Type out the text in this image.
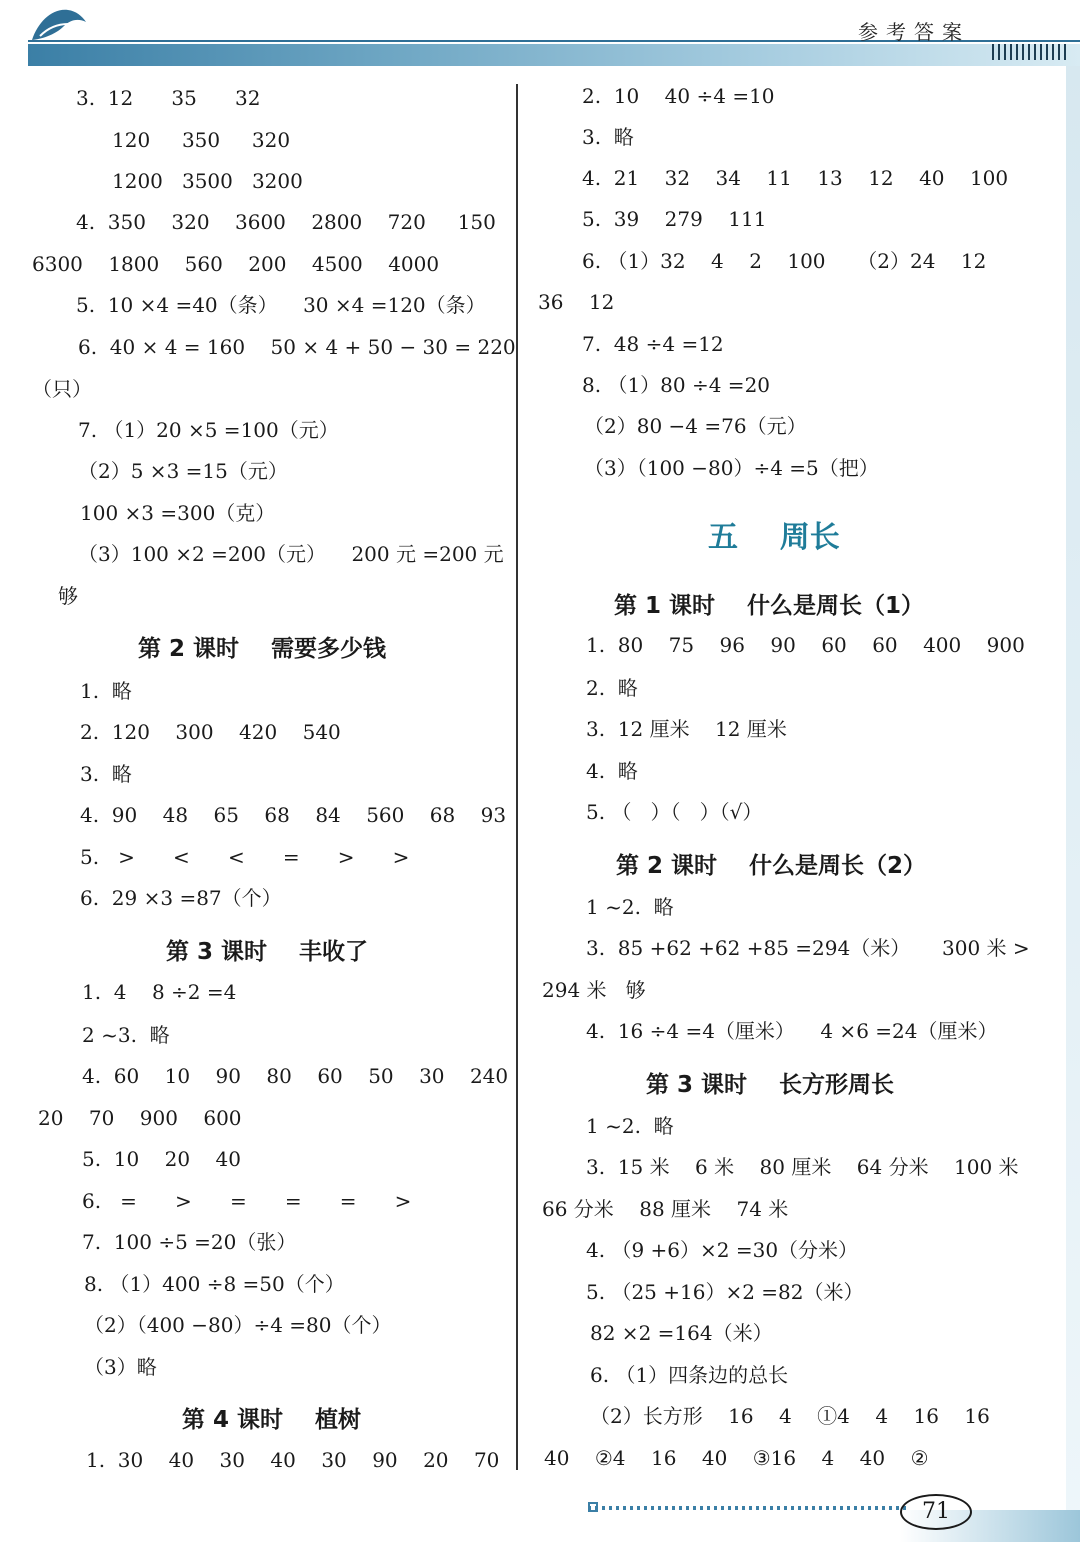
参考答案
3.  12      35      32
120     350     320
1200   3500   3200
4.  350    320    3600    2800    720     150
6300    1800    560    200    4500    4000
5.  10 ×4 =40（条）    30 ×4 =120（条）
6.  40 × 4 = 160    50 × 4 + 50 − 30 = 220
（只）
7. （1）20 ×5 =100（元）
（2）5 ×3 =15（元）
100 ×3 =300（克）
（3）100 ×2 =200（元）    200 元 =200 元
够
第 2 课时    需要多少钱
1.  略
2.  120    300    420    540
3.  略
4.  90    48    65    68    84    560    68    93
5.   >      <      <      =      >      >
6.  29 ×3 =87（个）
第 3 课时    丰收了
1.  4    8 ÷2 =4
2 ~3.  略
4.  60    10    90    80    60    50    30    240
20    70    900    600
5.  10    20    40
6.   =      >      =      =      =      >
7.  100 ÷5 =20（张）
8. （1）400 ÷8 =50（个）
（2）（400 −80）÷4 =80（个）
（3）略
第 4 课时    植树
1.  30    40    30    40    30    90    20    70
2.  10    40 ÷4 =10
3.  略
4.  21    32    34    11    13    12    40    100
5.  39    279    111
6. （1）32    4    2    100     （2）24    12
36    12
7.  48 ÷4 =12
8. （1）80 ÷4 =20
（2）80 −4 =76（元）
（3）（100 −80）÷4 =5（把）
五    周长
第 1 课时    什么是周长（1）
1.  80    75    96    90    60    60    400    900
2.  略
3.  12 厘米    12 厘米
4.  略
5. （   ）（   ）（√）
第 2 课时    什么是周长（2）
1 ~2.  略
3.  85 +62 +62 +85 =294（米）     300 米 >
294 米   够
4.  16 ÷4 =4（厘米）    4 ×6 =24（厘米）
第 3 课时    长方形周长
1 ~2.  略
3.  15 米    6 米    80 厘米    64 分米    100 米
66 分米    88 厘米    74 米
4. （9 +6）×2 =30（分米）
5. （25 +16）×2 =82（米）
82 ×2 =164（米）
6. （1）四条边的总长
（2）长方形    16    4    ①4    4    16    16
40    ②4    16    40    ③16    4    40    ②
71
